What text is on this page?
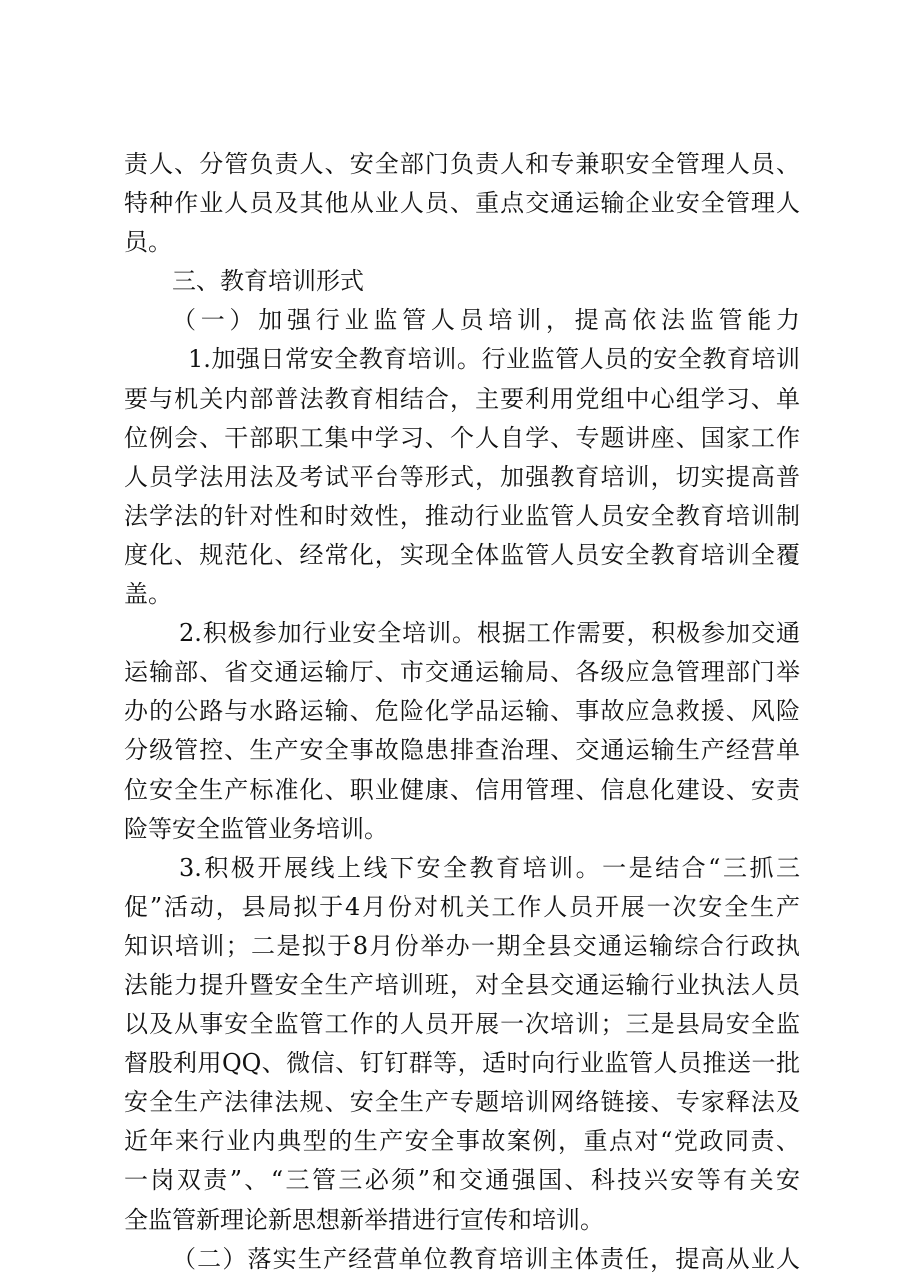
责人、分管负责人、安全部门负责人和专兼职安全管理人员、
特种作业人员及其他从业人员、重点交通运输企业安全管理人
员。
三、教育培训形式
（一）加强行业监管人员培训，提高依法监管能力
1.加强日常安全教育培训。行业监管人员的安全教育培训
要与机关内部普法教育相结合，主要利用党组中心组学习、单
位例会、干部职工集中学习、个人自学、专题讲座、国家工作
人员学法用法及考试平台等形式，加强教育培训，切实提高普
法学法的针对性和时效性，推动行业监管人员安全教育培训制
度化、规范化、经常化，实现全体监管人员安全教育培训全覆
盖。
2.积极参加行业安全培训。根据工作需要，积极参加交通
运输部、省交通运输厅、市交通运输局、各级应急管理部门举
办的公路与水路运输、危险化学品运输、事故应急救援、风险
分级管控、生产安全事故隐患排查治理、交通运输生产经营单
位安全生产标准化、职业健康、信用管理、信息化建设、安责
险等安全监管业务培训。
3.积极开展线上线下安全教育培训。一是结合“三抓三
促”活动，县局拟于4月份对机关工作人员开展一次安全生产
知识培训；二是拟于8月份举办一期全县交通运输综合行政执
法能力提升暨安全生产培训班，对全县交通运输行业执法人员
以及从事安全监管工作的人员开展一次培训；三是县局安全监
督股利用QQ、微信、钉钉群等，适时向行业监管人员推送一批
安全生产法律法规、安全生产专题培训网络链接、专家释法及
近年来行业内典型的生产安全事故案例，重点对“党政同责、
一岗双责”、“三管三必须”和交通强国、科技兴安等有关安
全监管新理论新思想新举措进行宣传和培训。
（二）落实生产经营单位教育培训主体责任，提高从业人
